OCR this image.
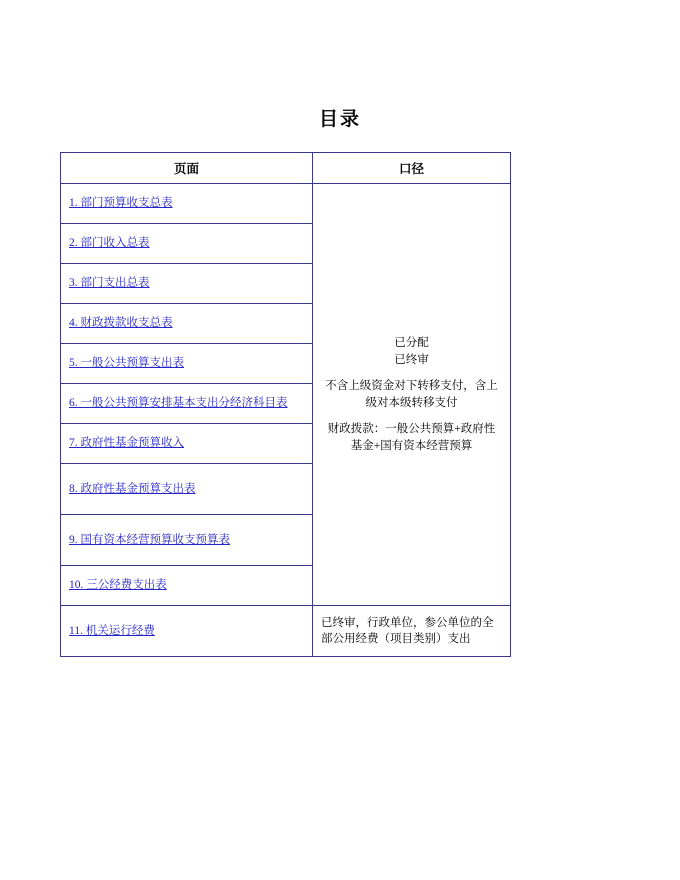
目录
页面	口径
1. 部门预算收支总表	已分配
已终审
不含上级资金对下转移支付，含上级对本级转移支付
财政拨款：一般公共预算+政府性基金+国有资本经营预算

2. 部门收入总表	
3. 部门支出总表	
4. 财政拨款收支总表	
5. 一般公共预算支出表	
6. 一般公共预算安排基本支出分经济科目表	
7. 政府性基金预算收入	
8. 政府性基金预算支出表	
9. 国有资本经营预算收支预算表	
10. 三公经费支出表	
11. 机关运行经费	已终审，行政单位，参公单位的全部公用经费（项目类别）支出
